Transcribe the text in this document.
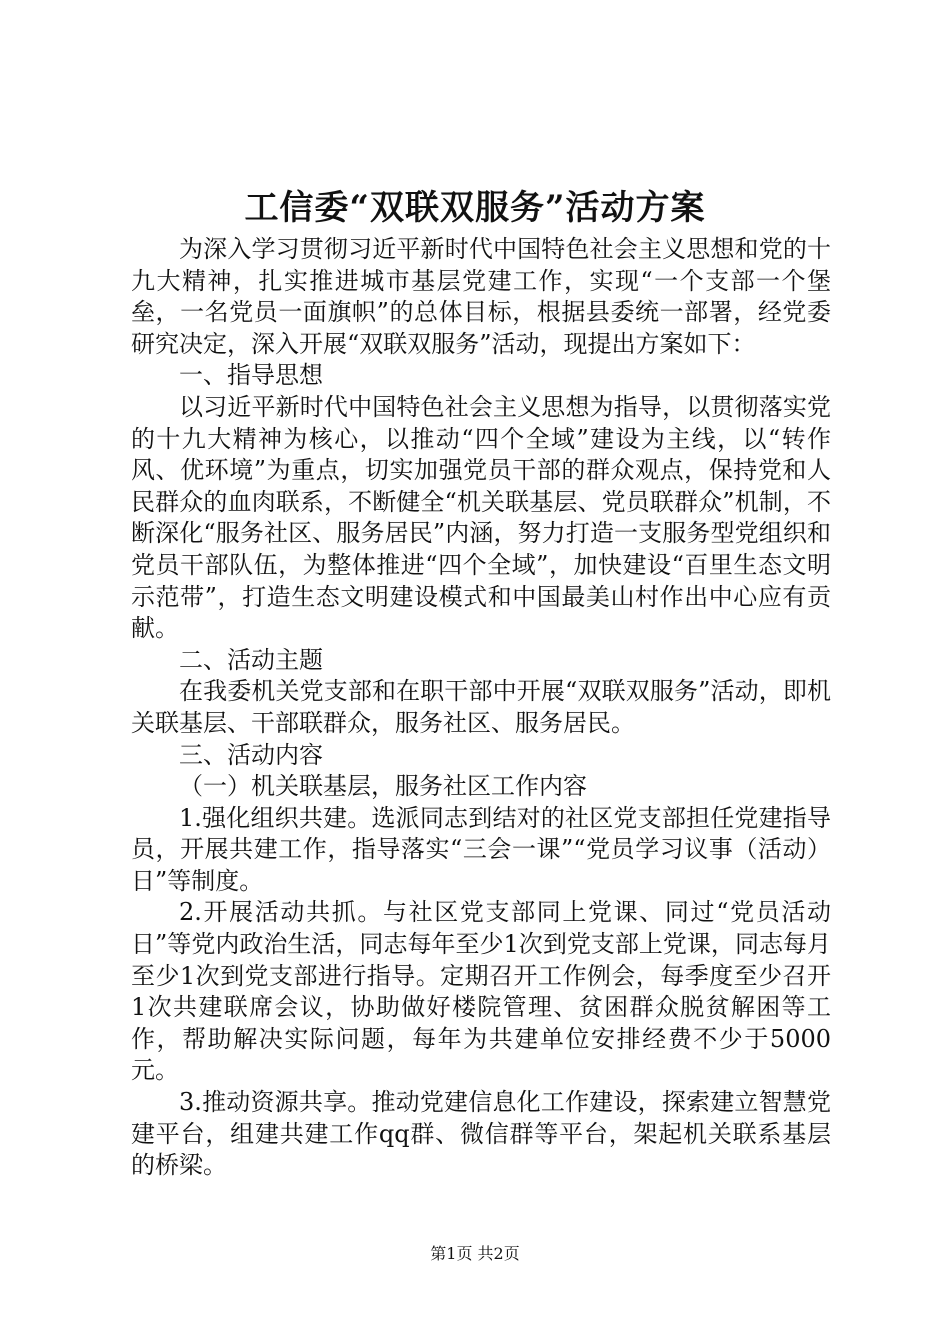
工信委“双联双服务”活动方案

为深入学习贯彻习近平新时代中国特色社会主义思想和党的十九大精神，扎实推进城市基层党建工作，实现“一个支部一个堡垒，一名党员一面旗帜”的总体目标，根据县委统一部署，经党委研究决定，深入开展“双联双服务”活动，现提出方案如下：

一、指导思想

以习近平新时代中国特色社会主义思想为指导，以贯彻落实党的十九大精神为核心，以推动“四个全域”建设为主线，以“转作风、优环境”为重点，切实加强党员干部的群众观点，保持党和人民群众的血肉联系，不断健全“机关联基层、党员联群众”机制，不断深化“服务社区、服务居民”内涵，努力打造一支服务型党组织和党员干部队伍，为整体推进“四个全域”，加快建设“百里生态文明示范带”，打造生态文明建设模式和中国最美山村作出中心应有贡献。

二、活动主题

在我委机关党支部和在职干部中开展“双联双服务”活动，即机关联基层、干部联群众，服务社区、服务居民。

三、活动内容

（一）机关联基层，服务社区工作内容

1.强化组织共建。选派同志到结对的社区党支部担任党建指导员，开展共建工作，指导落实“三会一课”“党员学习议事（活动）日”等制度。

2.开展活动共抓。与社区党支部同上党课、同过“党员活动日”等党内政治生活，同志每年至少1次到党支部上党课，同志每月至少1次到党支部进行指导。定期召开工作例会，每季度至少召开1次共建联席会议，协助做好楼院管理、贫困群众脱贫解困等工作，帮助解决实际问题，每年为共建单位安排经费不少于5000元。

3.推动资源共享。推动党建信息化工作建设，探索建立智慧党建平台，组建共建工作qq群、微信群等平台，架起机关联系基层的桥梁。

第1页 共2页
